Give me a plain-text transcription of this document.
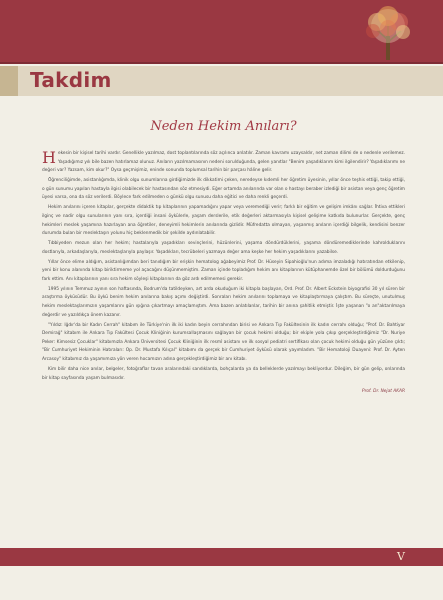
Takdim
Neden Hekim Anıları?

Hekesin bir kişisel tarihi vardır. Genellikle yazılmaz, dost toplantılarında söz açılınca anlatılır. Zaman kavramı uzaysaldır, net zaman dilimi de o nedenle verilemez. Yaşadığımız yılı bile bazen hatırlamaz olunuz. Anıların yazılmamasının nedeni sorulduğunda, gelen yanıtlar "Benim yaşadıklarım kimi ilgilendirir? Yaşadıklarımı ne değeri var? Yazsam, kim okur?" Oysa geçmişimiz, eninde sonunda toplumsal tarihin bir parçası hâline gelir.

Öğrenciliğimde, asistanlığımda, klinik olgu sunumlarına girdiğimizde ilk dikkatimi çeken, neredeyse kıdemli her öğretim üyesinin, yıllar önce teşhis ettiği, takip ettiği, o gün sunumu yapılan hastayla ilgisi olabilecek bir hastasından söz etmesiydi. Eğer ortamda anılarında var olan o hastayı beraber izlediği bir asistan veya genç öğretim üyesi varsa, ona da söz verilerdi. Böylece fark edilmeden o günkü olgu sunusu daha eğitici ve daha renkli geçerdi.

Hekim anılarını içeren kitaplar, gerçekte didaktik tıp kitaplarının yapamadığını yapar veya veremediği verir; farklı bir eğitim ve gelişim imkânı sağlar. İhtiva ettikleri ilginç ve nadir olgu sunularının yanı sıra, içerdiği insani öykülerle, yaşam derslerile, etik değerleri aktarmasıyla kişisel gelişime katkıda bulunurlar. Gerçekte, genç hekimleri meslek yaşamına hazırlayan ana öğretiler, deneyimli hekimlerin anılarında gizlidir. Müfredatta olmayan, yaşanmış anıların içerdiği bilgelik, kendisini benzer durumda bulan bir meslektaşın yolunu hiç beklenmedik bir şekilde aydınlatabilir.

Tıbbiyeden mezun olan her hekim; hastalarıyla yaşadıkları sevinçlerini, hüzünlerini, yaşama döndürdüklerini, yaşama döndüremediklerinde kahrolduklarını dostlarıyla, arkadaşlarıyla, meslektaşlarıyla paylaşır. Yaşadıkları, tecrübeleri yazmaya değer ama keşke her hekim yaşadıklarını yazabilse.

Yıllar önce elime aldığım, asistanlığımdan beri tanıdığım bir erişkin hematolog ağabeyimiz Prof. Dr. Hüseyin Sipahioğlu'nun adıma imzaladığı hatıratından etkilenip, yeni bir konu alanında kitap biriktirmeme yol açacağını düşünmemiştim. Zaman içinde topladığım hekim anı kitaplarının kütüphanemde özel bir bölümü doldurduğunu fark ettim. Anı kitaplarının yanı sıra hekim söyleşi kitaplarının da göz ardı edilmemesi gerekir.

1995 yılının Temmuz ayının son haftasında, Bodrum'da tatildeyken, art arda okuduğum iki kitapla başlayan, Ord. Prof. Dr. Albert Eckstein biyografisi 30 yıl süren bir araştırma öyküsüdür. Bu öykü benim hekim anılarına bakış açımı değiştirdi. Sonraları hekim anılarını toplamaya ve kitaplaştırmaya çalıştım. Bu süreçte, unutulmuş hekim meslektaşlarımızın yaşamlarını gün ışığına çıkartmayı amaçlamıştım. Ama bazen anlatılanlar, tarihin bir anına şahitlik etmiştir. İşte yaşanan "o an"aktarılmaya değerdir ve yazıldıkça önem kazanır.

"Yıldız: Iğdır'da bir Kadın Cerrah" kitabım ile Türkiye'nin ilk iki kadın beyin cerrahından birisi ve Ankara Tıp Fakültesinin ilk kadın cerrahı olduğu; "Prof. Dr. Bahtiyar Demirağ" kitabım ile Ankara Tıp Fakültesi Çocuk Kliniğinin kurumsallaşmasını sağlayan bir çocuk hekimi olduğu; bir ekiple yola çıkıp gerçekleştirdiğimiz "Dr. Nuriye Peker: Kimsesiz Çocuklar" kitabımızla Ankara Üniversitesi Çocuk Kliniğinin ilk resmî asistanı ve ilk sosyal pediatri sertifikası olan çocuk hekimi olduğu gün yüzüne çıktı; "Bir Cumhuriyet Hekiminin Hatıraları: Op. Dr. Mustafa Kılıçal" kitabımı da gerçek bir Cumhuriyet öyküsü olarak yayımladım. "Bir Hematoloji Duayeni: Prof. Dr. Ayten Arcasoy" kitabımız da yaşamımıza yön veren hocamızın adına gerçekleştirdiğimiz bir anı kitabı.

Kim bilir daha nice anılar, belgeler, fotoğraflar tavan aralarındaki sandıklarda, bohçalarda ya da belleklerde yazılmayı bekliyordur. Dileğim, bir gün gelip, onlarında bir kitap sayfasında yaşam bulmasıdır.

Prof. Dr. Nejat AKAR
V
